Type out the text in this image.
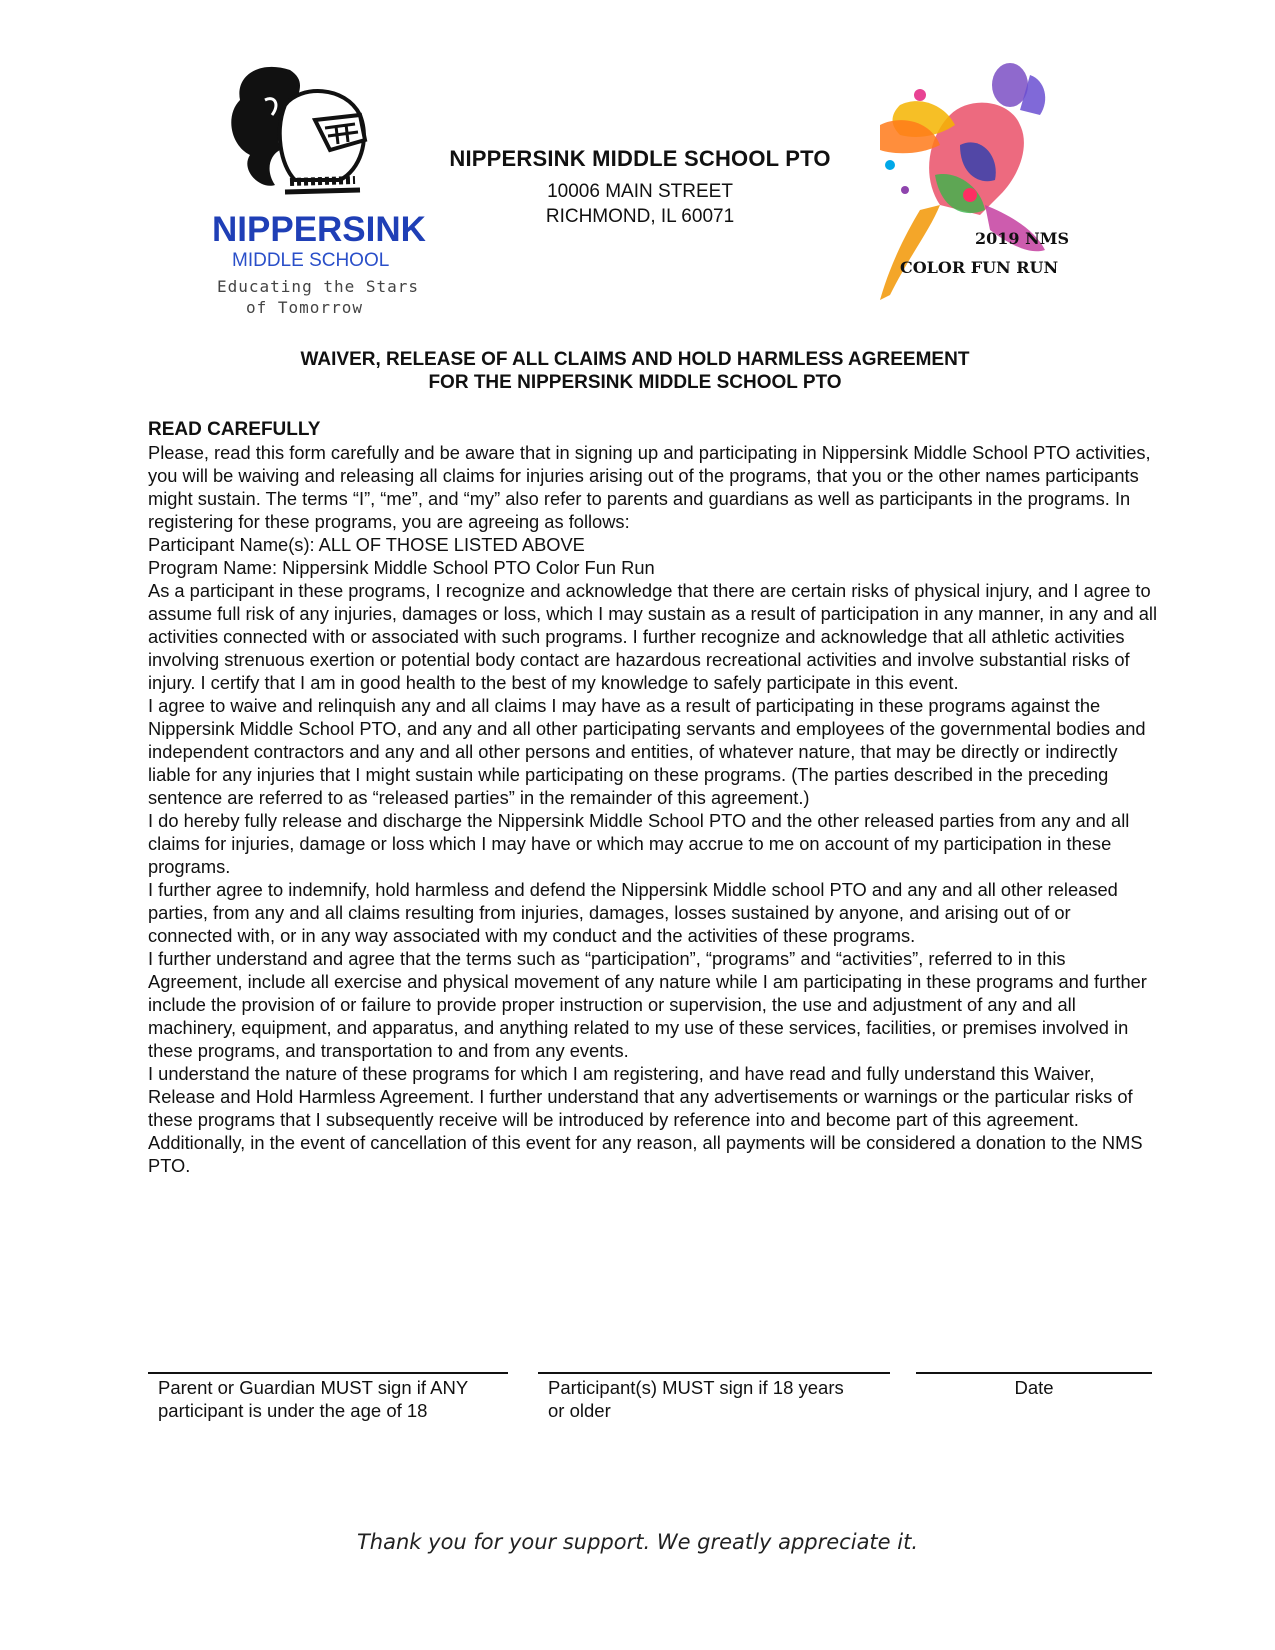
NIPPERSINK
MIDDLE SCHOOL
Educating the Stars
of Tomorrow
NIPPERSINK MIDDLE SCHOOL PTO
10006 MAIN STREET
RICHMOND, IL 60071
2019 NMS
COLOR FUN RUN
WAIVER, RELEASE OF ALL CLAIMS AND HOLD HARMLESS AGREEMENT
FOR THE NIPPERSINK MIDDLE SCHOOL PTO

READ CAREFULLY

Please, read this form carefully and be aware that in signing up and participating in Nippersink Middle School PTO activities, you will be waiving and releasing all claims for injuries arising out of the programs, that you or the other names participants might sustain. The terms “I”, “me”, and “my” also refer to parents and guardians as well as participants in the programs. In registering for these programs, you are agreeing as follows:

Participant Name(s): ALL OF THOSE LISTED ABOVE

Program Name: Nippersink Middle School PTO Color Fun Run

As a participant in these programs, I recognize and acknowledge that there are certain risks of physical injury, and I agree to assume full risk of any injuries, damages or loss, which I may sustain as a result of participation in any manner, in any and all activities connected with or associated with such programs. I further recognize and acknowledge that all athletic activities involving strenuous exertion or potential body contact are hazardous recreational activities and involve substantial risks of injury. I certify that I am in good health to the best of my knowledge to safely participate in this event.

I agree to waive and relinquish any and all claims I may have as a result of participating in these programs against the Nippersink Middle School PTO, and any and all other participating servants and employees of the governmental bodies and independent contractors and any and all other persons and entities, of whatever nature, that may be directly or indirectly liable for any injuries that I might sustain while participating on these programs. (The parties described in the preceding sentence are referred to as “released parties” in the remainder of this agreement.)

I do hereby fully release and discharge the Nippersink Middle School PTO and the other released parties from any and all claims for injuries, damage or loss which I may have or which may accrue to me on account of my participation in these programs.

I further agree to indemnify, hold harmless and defend the Nippersink Middle school PTO and any and all other released parties, from any and all claims resulting from injuries, damages, losses sustained by anyone, and arising out of or connected with, or in any way associated with my conduct and the activities of these programs.

I further understand and agree that the terms such as “participation”, “programs” and “activities”, referred to in this Agreement, include all exercise and physical movement of any nature while I am participating in these programs and further include the provision of or failure to provide proper instruction or supervision, the use and adjustment of any and all machinery, equipment, and apparatus, and anything related to my use of these services, facilities, or premises involved in these programs, and transportation to and from any events.

I understand the nature of these programs for which I am registering, and have read and fully understand this Waiver, Release and Hold Harmless Agreement. I further understand that any advertisements or warnings or the particular risks of these programs that I subsequently receive will be introduced by reference into and become part of this agreement.

Additionally, in the event of cancellation of this event for any reason, all payments will be considered a donation to the NMS PTO.

Parent or Guardian MUST sign if ANY
participant is under the age of 18
Participant(s) MUST sign if 18 years
or older
Date
Thank you for your support. We greatly appreciate it.
